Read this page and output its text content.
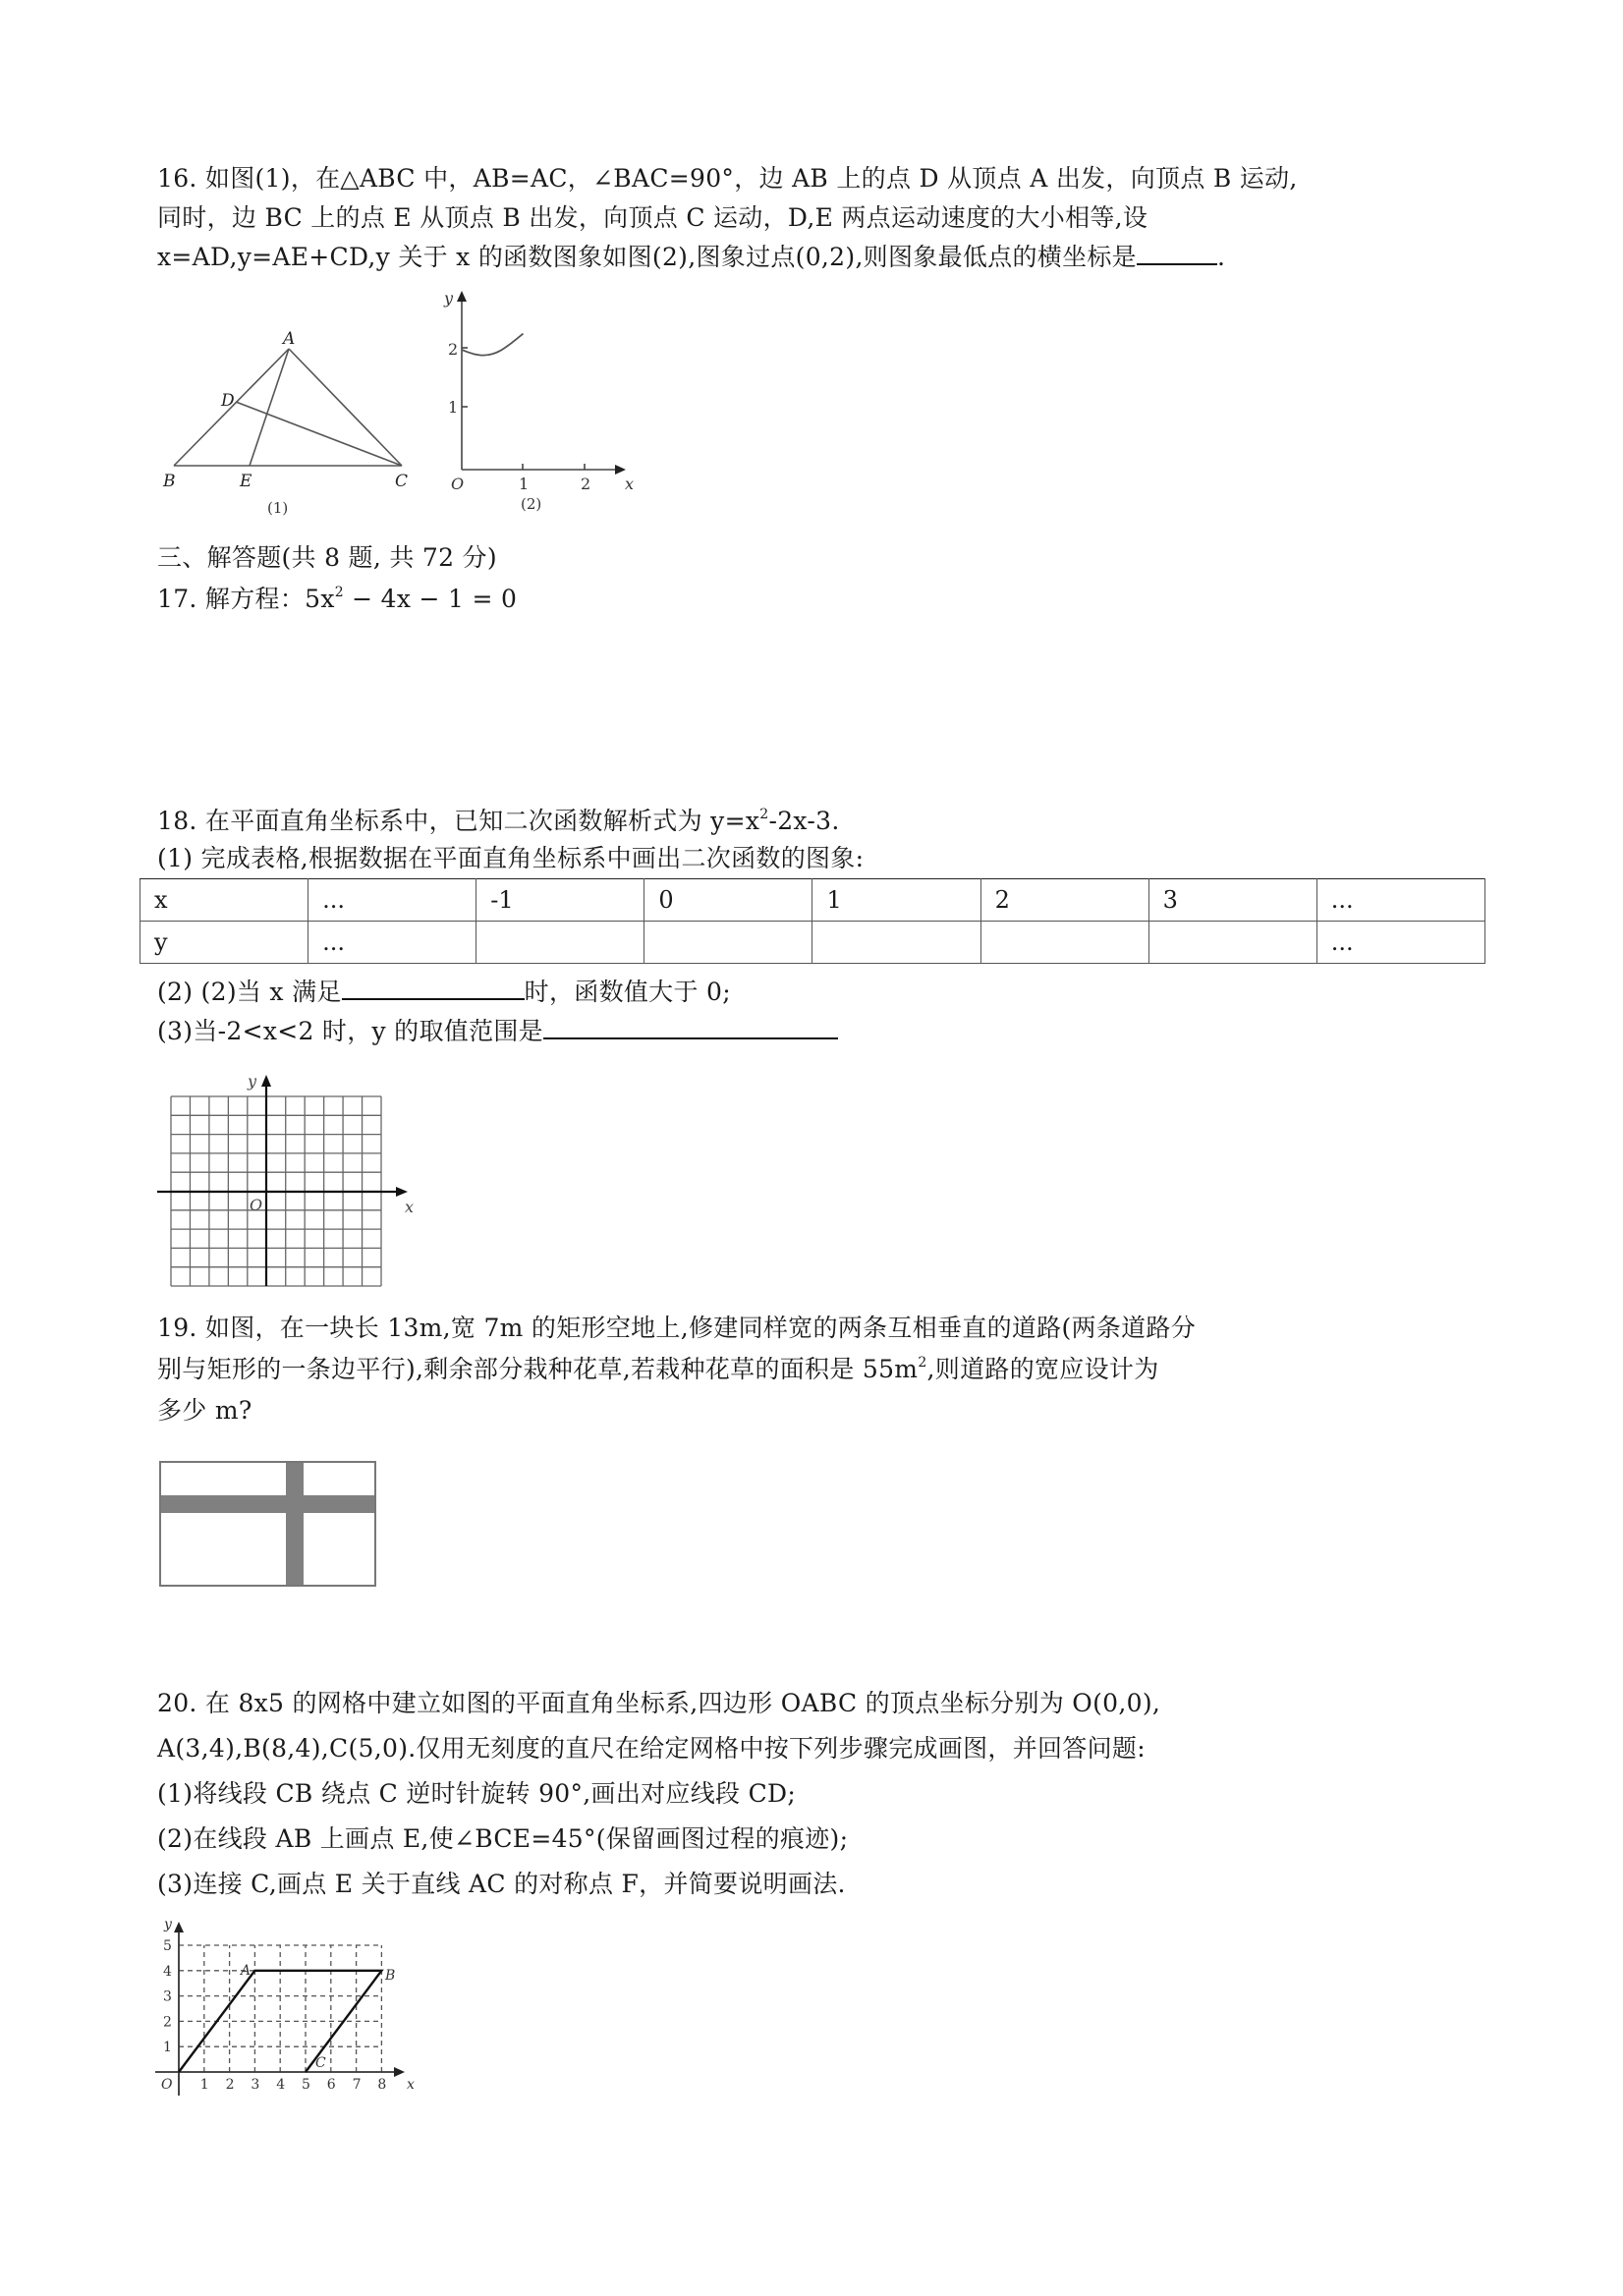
16. 如图(1)，在△ABC 中，AB=AC，∠BAC=90°，边 AB 上的点 D 从顶点 A 出发，向顶点 B 运动,
同时，边 BC 上的点 E 从顶点 B 出发，向顶点 C 运动，D,E 两点运动速度的大小相等,设
x=AD,y=AE+CD,y 关于 x 的函数图象如图(2),图象过点(0,2),则图象最低点的横坐标是	.
A
B	C
D
E
(1)
y
x
O	1	2
1
2
(2)
三、解答题(共 8 题, 共 72 分)
17. 解方程：$5x^2 - 4x - 1 = 0$
18. 在平面直角坐标系中，已知二次函数解析式为 $y=x^2-2x-3$.
(1) 完成表格,根据数据在平面直角坐标系中画出二次函数的图象:
x	...	-1	0	1	2	3	...
y	...						...
(2) (2)当 x 满足	时，函数值大于 0;
(3)当-2<x<2 时，y 的取值范围是
x
y
O
19. 如图，在一块长 13m,宽 7m 的矩形空地上,修建同样宽的两条互相垂直的道路(两条道路分
别与矩形的一条边平行),剩余部分栽种花草,若栽种花草的面积是 $55m^2$,则道路的宽应设计为
多少 m?
20. 在 8x5 的网格中建立如图的平面直角坐标系,四边形 OABC 的顶点坐标分别为 O(0,0),
A(3,4),B(8,4),C(5,0).仅用无刻度的直尺在给定网格中按下列步骤完成画图，并回答问题:
(1)将线段 CB 绕点 C 逆时针旋转 90°,画出对应线段 CD;
(2)在线段 AB 上画点 E,使∠BCE=45°(保留画图过程的痕迹);
(3)连接 C,画点 E 关于直线 AC 的对称点 F，并简要说明画法.
1 2 3 4 5 6 7 8
1
2
3
4
5
x
y
O
A	B
C
